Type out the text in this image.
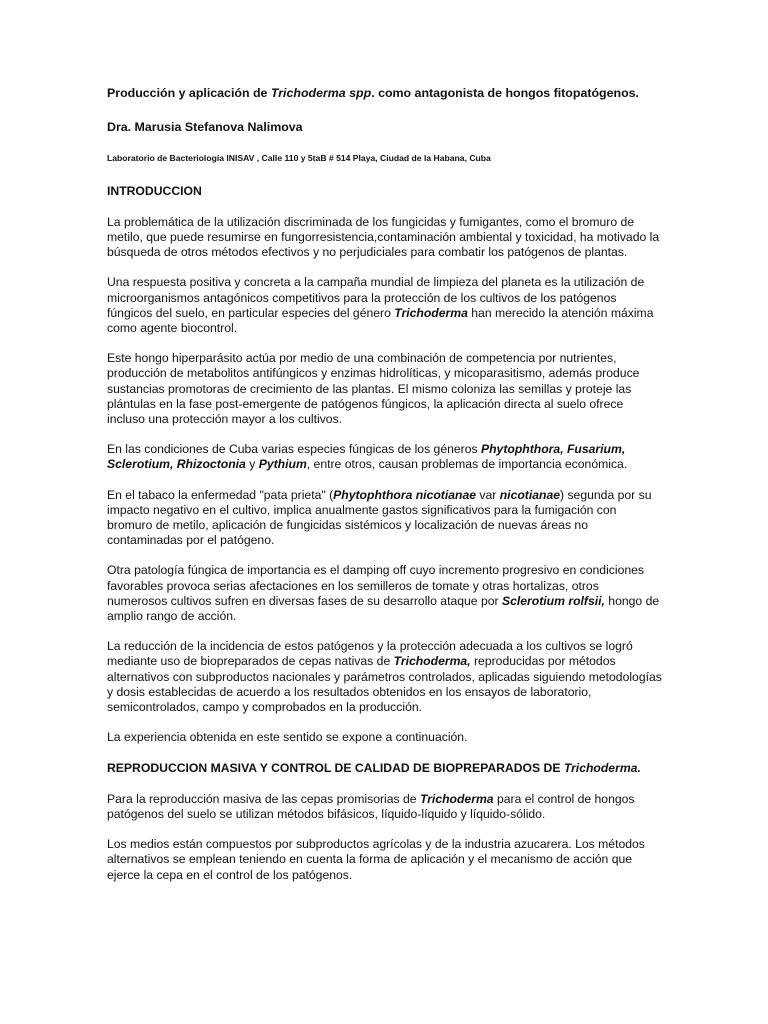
Producción y aplicación de Trichoderma spp. como antagonista de hongos fitopatógenos.

Dra. Marusia Stefanova Nalimova

Laboratorio de Bacteriología INISAV , Calle 110 y 5taB # 514 Playa, Ciudad de la Habana, Cuba

INTRODUCCION

La problemática de la utilización discriminada de los fungicidas y fumigantes, como el bromuro de metilo, que puede resumirse en fungorresistencia,contaminación ambiental y toxicidad, ha motivado la búsqueda de otros métodos efectivos y no perjudiciales para combatir los patógenos de plantas.

Una respuesta positiva y concreta a la campaña mundial de limpieza del planeta es la utilización de microorganismos antagónicos competitivos para la protección de los cultivos de los patógenos fúngicos del suelo, en particular especies del género Trichoderma han merecido la atención máxima como agente biocontrol.

Este hongo hiperparásito actúa por medio de una combinación de competencia por nutrientes, producción de metabolitos antifúngicos y enzimas hidrolíticas, y micoparasitismo, además produce sustancias promotoras de crecimiento de las plantas. El mismo coloniza las semillas y proteje las plántulas en la fase post-emergente de patógenos fúngicos, la aplicación directa al suelo ofrece incluso una protección mayor a los cultivos.

En las condiciones de Cuba varias especies fúngicas de los géneros Phytophthora, Fusarium, Sclerotium, Rhizoctonia y Pythium, entre otros, causan problemas de importancia económica.

En el tabaco la enfermedad "pata prieta" (Phytophthora nicotianae var nicotianae) segunda por su impacto negativo en el cultivo, implica anualmente gastos significativos para la fumigación con bromuro de metilo, aplicación de fungicidas sistémicos y localización de nuevas áreas no contaminadas por el patógeno.

Otra patología fúngica de importancia es el damping off cuyo incremento progresivo en condiciones favorables provoca serias afectaciones en los semilleros de tomate y otras hortalizas, otros numerosos cultivos sufren en diversas fases de su desarrollo ataque por Sclerotium rolfsii, hongo de amplio rango de acción.

La reducción de la incidencia de estos patógenos y la protección adecuada a los cultivos se logró mediante uso de biopreparados de cepas nativas de Trichoderma, reproducidas por métodos alternativos con subproductos nacionales y parámetros controlados, aplicadas siguiendo metodologías y dosis establecidas de acuerdo a los resultados obtenidos en los ensayos de laboratorio, semicontrolados, campo y comprobados en la producción.

La experiencia obtenida en este sentido se expone a continuación.

REPRODUCCION MASIVA Y CONTROL DE CALIDAD DE BIOPREPARADOS DE Trichoderma.

Para la reproducción masiva de las cepas promisorias de Trichoderma para el control de hongos patógenos del suelo se utilizan métodos bifásicos, líquido-líquido y líquido-sólido.

Los medios están compuestos por subproductos agrícolas y de la industria azucarera. Los métodos alternativos se emplean teniendo en cuenta la forma de aplicación y el mecanismo de acción que ejerce la cepa en el control de los patógenos.
